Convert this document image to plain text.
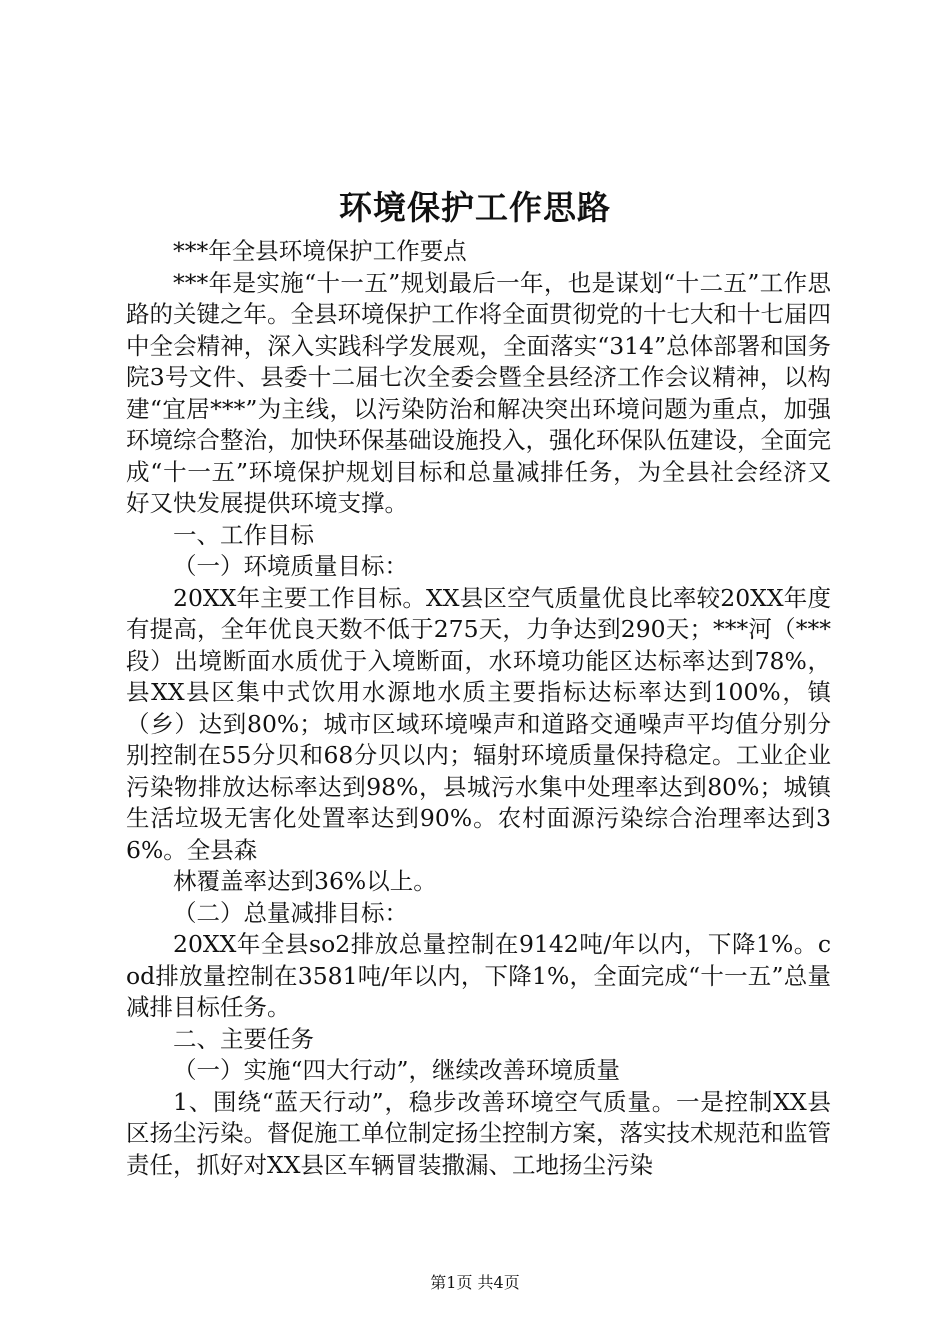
环境保护工作思路

***年全县环境保护工作要点

***年是实施“十一五”规划最后一年，也是谋划“十二五”工作思路的关键之年。全县环境保护工作将全面贯彻党的十七大和十七届四中全会精神，深入实践科学发展观，全面落实“314”总体部署和国务院3号文件、县委十二届七次全委会暨全县经济工作会议精神，以构建“宜居***”为主线，以污染防治和解决突出环境问题为重点，加强环境综合整治，加快环保基础设施投入，强化环保队伍建设，全面完成“十一五”环境保护规划目标和总量减排任务，为全县社会经济又好又快发展提供环境支撑。

一、工作目标

（一）环境质量目标：

20XX年主要工作目标。XX县区空气质量优良比率较20XX年度有提高，全年优良天数不低于275天，力争达到290天；***河（***段）出境断面水质优于入境断面，水环境功能区达标率达到78%，县XX县区集中式饮用水源地水质主要指标达标率达到100%，镇（乡）达到80%；城市区域环境噪声和道路交通噪声平均值分别分别控制在55分贝和68分贝以内；辐射环境质量保持稳定。工业企业污染物排放达标率达到98%，县城污水集中处理率达到80%；城镇生活垃圾无害化处置率达到90%。农村面源污染综合治理率达到36%。全县森

林覆盖率达到36%以上。

（二）总量减排目标：

20XX年全县so2排放总量控制在9142吨/年以内，下降1%。cod排放量控制在3581吨/年以内，下降1%，全面完成“十一五”总量减排目标任务。

二、主要任务

（一）实施“四大行动”，继续改善环境质量

1、围绕“蓝天行动”，稳步改善环境空气质量。一是控制XX县区扬尘污染。督促施工单位制定扬尘控制方案，落实技术规范和监管责任，抓好对XX县区车辆冒装撒漏、工地扬尘污染

第1页 共4页
